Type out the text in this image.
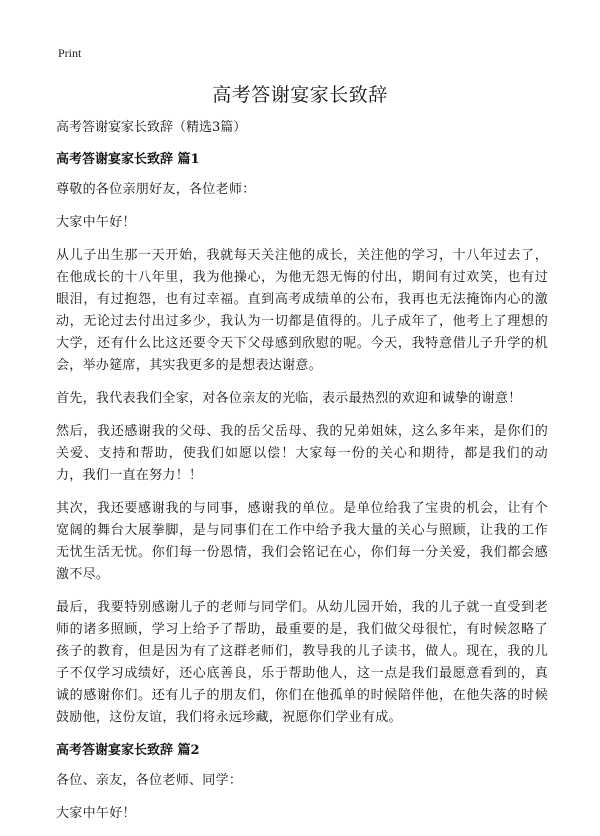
Print
高考答谢宴家长致辞

高考答谢宴家长致辞（精选3篇）

高考答谢宴家长致辞 篇1

尊敬的各位亲朋好友，各位老师：

大家中午好！

从儿子出生那一天开始，我就每天关注他的成长，关注他的学习，十八年过去了，在他成长的十八年里，我为他操心，为他无怨无悔的付出，期间有过欢笑，也有过眼泪，有过抱怨，也有过幸福。直到高考成绩单的公布，我再也无法掩饰内心的激动，无论过去付出过多少，我认为一切都是值得的。儿子成年了，他考上了理想的大学，还有什么比这还要令天下父母感到欣慰的呢。今天，我特意借儿子升学的机会，举办筵席，其实我更多的是想表达谢意。

首先，我代表我们全家，对各位亲友的光临，表示最热烈的欢迎和诚挚的谢意！

然后，我还感谢我的父母、我的岳父岳母、我的兄弟姐妹，这么多年来，是你们的关爱、支持和帮助，使我们如愿以偿！大家每一份的关心和期待，都是我们的动力，我们一直在努力！！

其次，我还要感谢我的与同事，感谢我的单位。是单位给我了宝贵的机会，让有个宽阔的舞台大展拳脚，是与同事们在工作中给予我大量的关心与照顾，让我的工作无忧生活无忧。你们每一份恩情，我们会铭记在心，你们每一分关爱，我们都会感激不尽。

最后，我要特别感谢儿子的老师与同学们。从幼儿园开始，我的儿子就一直受到老师的诸多照顾，学习上给予了帮助，最重要的是，我们做父母很忙，有时候忽略了孩子的教育，但是因为有了这群老师们，教导我的儿子读书，做人。现在，我的儿子不仅学习成绩好，还心底善良，乐于帮助他人，这一点是我们最愿意看到的，真诚的感谢你们。还有儿子的朋友们，你们在他孤单的时候陪伴他，在他失落的时候鼓励他，这份友谊，我们将永远珍藏，祝愿你们学业有成。

高考答谢宴家长致辞 篇2

各位、亲友，各位老师、同学：

大家中午好！
